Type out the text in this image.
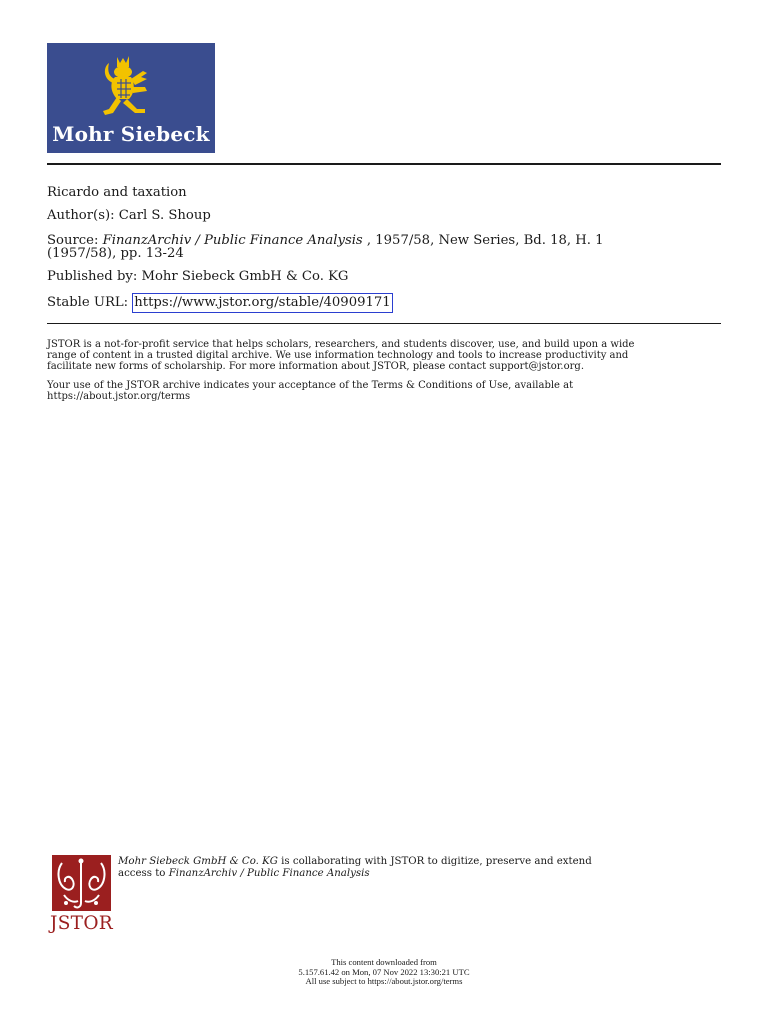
Mohr Siebeck
Ricardo and taxation
Author(s): Carl S. Shoup
Source: FinanzArchiv / Public Finance Analysis , 1957/58, New Series, Bd. 18, H. 1
(1957/58), pp. 13-24
Published by: Mohr Siebeck GmbH & Co. KG
Stable URL: https://www.jstor.org/stable/40909171
JSTOR is a not-for-profit service that helps scholars, researchers, and students discover, use, and build upon a wide
range of content in a trusted digital archive. We use information technology and tools to increase productivity and
facilitate new forms of scholarship. For more information about JSTOR, please contact support@jstor.org.
Your use of the JSTOR archive indicates your acceptance of the Terms & Conditions of Use, available at
https://about.jstor.org/terms
JSTOR
Mohr Siebeck GmbH & Co. KG is collaborating with JSTOR to digitize, preserve and extend
access to FinanzArchiv / Public Finance Analysis
This content downloaded from
5.157.61.42 on Mon, 07 Nov 2022 13:30:21 UTC
All use subject to https://about.jstor.org/terms
